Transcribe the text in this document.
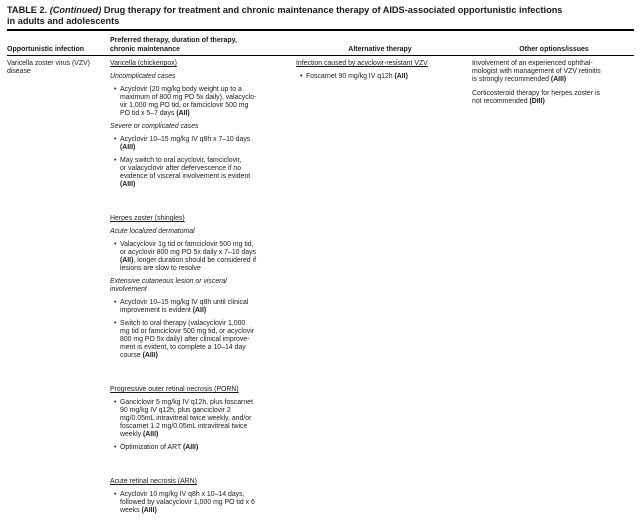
TABLE 2. (Continued) Drug therapy for treatment and chronic maintenance therapy of AIDS-associated opportunistic infections
in adults and adolescents
Opportunistic infection
Preferred therapy, duration of therapy,
chronic maintenance	Alternative therapy	Other options/issues
Varicella zoster virus (VZV)
disease
Varicella (chickenpox)
Uncomplicated cases
• Acyclovir (20 mg/kg body weight up to a
maximum of 800 mg PO 5x daily), valacyclo-
vir 1,000 mg PO tid, or famciclovir 500 mg
PO tid x 5–7 days (AII)
Severe or complicated cases
• Acyclovir 10–15 mg/kg IV q8h x 7–10 days
(AIII)
• May switch to oral acyclovir, famciclovir,
or valacyclovir after defervescence if no
evidence of visceral involvement is evident
(AIII)
Herpes zoster (shingles)
Acute localized dermatomal
• Valacyclovir 1g tid or famciclovir 500 mg tid,
or acyclovir 800 mg PO 5x daily x 7–10 days
(AII), longer duration should be considered if
lesions are slow to resolve
Extensive cutaneous lesion or visceral
involvement
• Acyclovir 10–15 mg/kg IV q8h until clinical
improvement is evident (AII)
• Switch to oral therapy (valacyclovir 1,000
mg tid or famciclovir 500 mg tid, or acyclovir
800 mg PO 5x daily) after clinical improve-
ment is evident, to complete a 10–14 day
course (AIII)
Progressive outer retinal necrosis (PORN)
• Ganciclovir 5 mg/kg IV q12h, plus foscarnet
90 mg/kg IV q12h, plus ganciclovir 2
mg/0.05mL intravitreal twice weekly, and/or
foscarnet 1.2 mg/0.05mL intravitreal twice
weekly (AIII)
• Optimization of ART (AIII)
Acute retinal necrosis (ARN)
• Acyclovir 10 mg/kg IV q8h x 10–14 days,
followed by valacyclovir 1,000 mg PO tid x 6
weeks (AIII)
Infection caused by acyclovir-resistant VZV
• Foscarnet 90 mg/kg IV q12h (AII)
Involvement of an experienced ophthal-
mologist with management of VZV retinitis
is strongly recommended (AIII)
Corticosteroid therapy for herpes zoster is
not recommended (DIII)
